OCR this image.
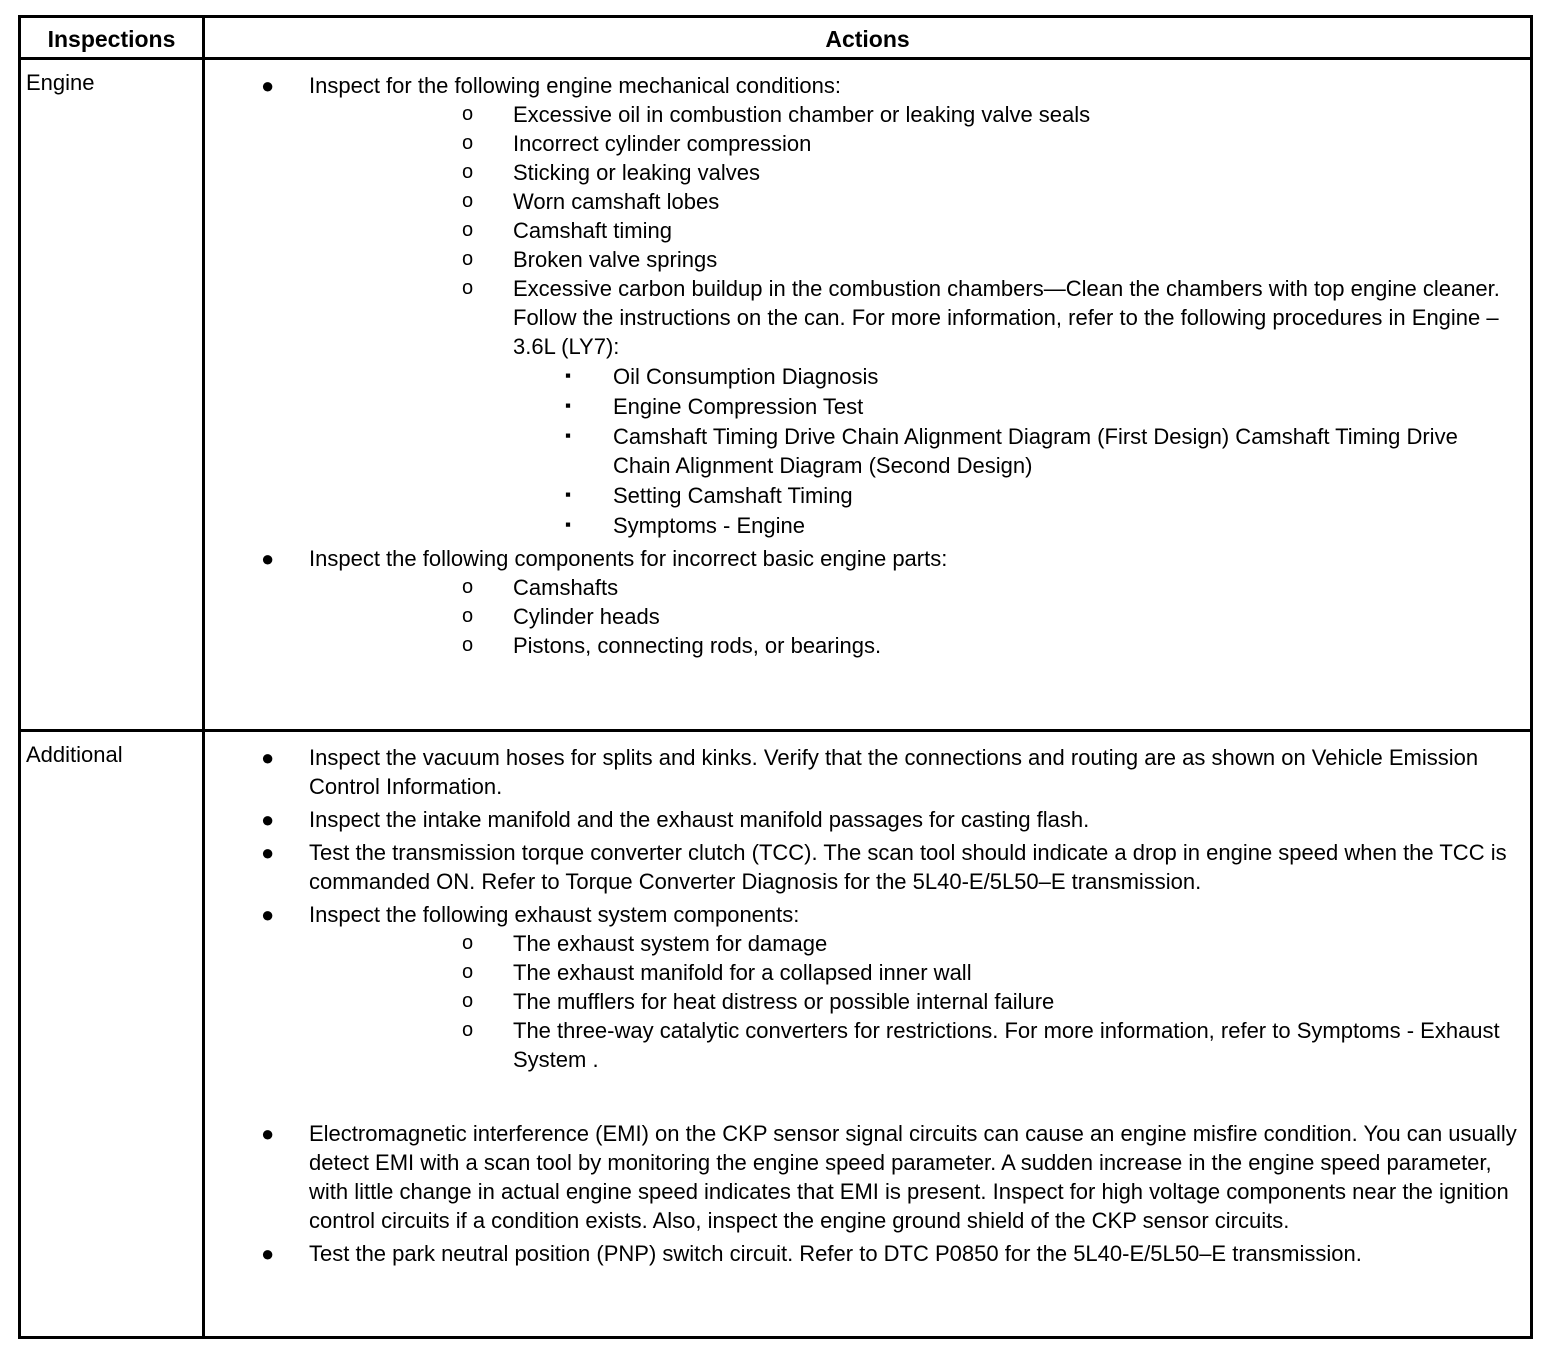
Inspections	Actions
Engine	● Inspect for the following engine mechanical conditions:
o Excessive oil in combustion chamber or leaking valve seals
o Incorrect cylinder compression
o Sticking or leaking valves
o Worn camshaft lobes
o Camshaft timing
o Broken valve springs
o Excessive carbon buildup in the combustion chambers—Clean the chambers with top engine cleaner. Follow the instructions on the can. For more information, refer to the following procedures in Engine – 3.6L (LY7):
▪ Oil Consumption Diagnosis
▪ Engine Compression Test
▪ Camshaft Timing Drive Chain Alignment Diagram (First Design) Camshaft Timing Drive Chain Alignment Diagram (Second Design)
▪ Setting Camshaft Timing
▪ Symptoms - Engine
● Inspect the following components for incorrect basic engine parts:
o Camshafts
o Cylinder heads
o Pistons, connecting rods, or bearings.
Additional	● Inspect the vacuum hoses for splits and kinks. Verify that the connections and routing are as shown on Vehicle Emission Control Information.
● Inspect the intake manifold and the exhaust manifold passages for casting flash.
● Test the transmission torque converter clutch (TCC). The scan tool should indicate a drop in engine speed when the TCC is commanded ON. Refer to Torque Converter Diagnosis for the 5L40-E/5L50–E transmission.
● Inspect the following exhaust system components:
o The exhaust system for damage
o The exhaust manifold for a collapsed inner wall
o The mufflers for heat distress or possible internal failure
o The three-way catalytic converters for restrictions. For more information, refer to Symptoms - Exhaust System .
● Electromagnetic interference (EMI) on the CKP sensor signal circuits can cause an engine misfire condition. You can usually detect EMI with a scan tool by monitoring the engine speed parameter. A sudden increase in the engine speed parameter, with little change in actual engine speed indicates that EMI is present. Inspect for high voltage components near the ignition control circuits if a condition exists. Also, inspect the engine ground shield of the CKP sensor circuits.
● Test the park neutral position (PNP) switch circuit. Refer to DTC P0850 for the 5L40-E/5L50–E transmission.
